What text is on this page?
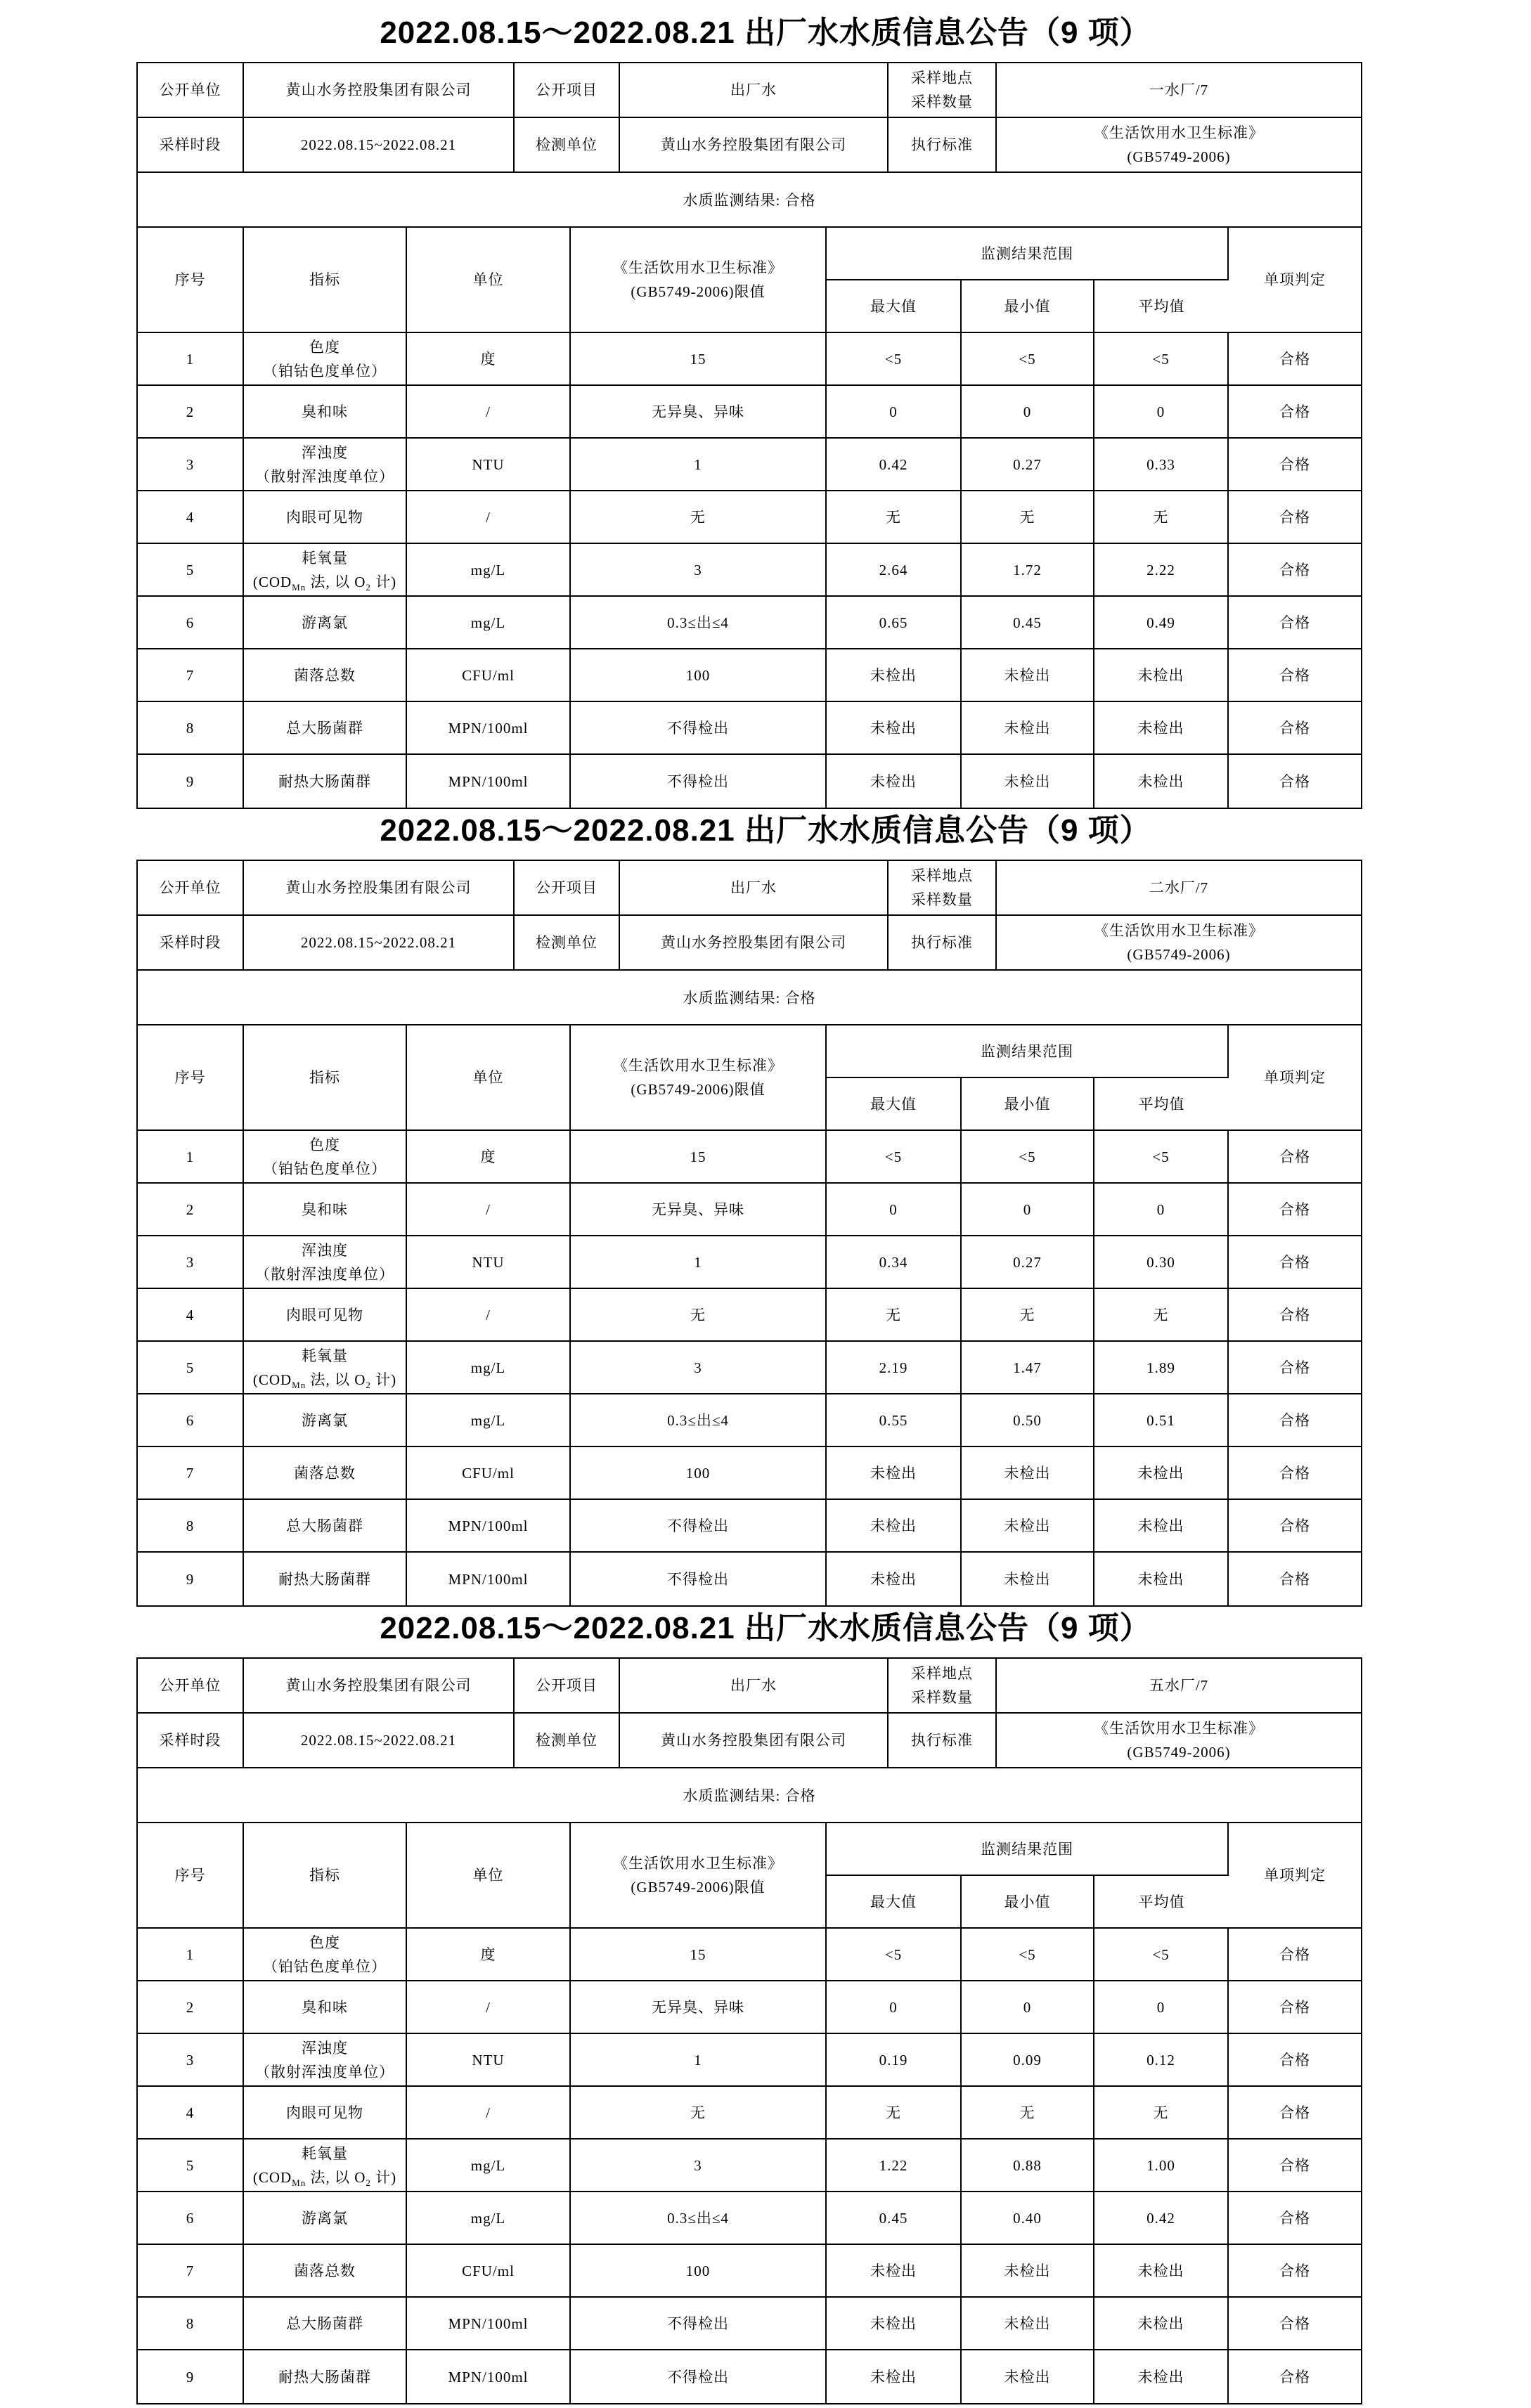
2022.08.15～2022.08.21 出厂水水质信息公告（9 项）
公开单位	黄山水务控股集团有限公司	公开项目	出厂水	采样地点
采样数量	一水厂/7
采样时段	2022.08.15~2022.08.21	检测单位	黄山水务控股集团有限公司	执行标准	《生活饮用水卫生标准》
(GB5749-2006)
水质监测结果: 合格
序号	指标	单位	《生活饮用水卫生标准》
(GB5749-2006)限值	监测结果范围			单项判定
				最大值	最小值	平均值	
1	色度
（铂钴色度单位）	度	15	<5	<5	<5	合格
2	臭和味	/	无异臭、异味	0	0	0	合格
3	浑浊度
（散射浑浊度单位）	NTU	1	0.42	0.27	0.33	合格
4	肉眼可见物	/	无	无	无	无	合格
5	耗氧量
($COD_{Mn}$ 法, 以 $O_2$ 计)	mg/L	3	2.64	1.72	2.22	合格
6	游离氯	mg/L	0.3≤出≤4	0.65	0.45	0.49	合格
7	菌落总数	CFU/ml	100	未检出	未检出	未检出	合格
8	总大肠菌群	MPN/100ml	不得检出	未检出	未检出	未检出	合格
9	耐热大肠菌群	MPN/100ml	不得检出	未检出	未检出	未检出	合格
2022.08.15～2022.08.21 出厂水水质信息公告（9 项）
公开单位	黄山水务控股集团有限公司	公开项目	出厂水	采样地点
采样数量	二水厂/7
采样时段	2022.08.15~2022.08.21	检测单位	黄山水务控股集团有限公司	执行标准	《生活饮用水卫生标准》
(GB5749-2006)
水质监测结果: 合格
序号	指标	单位	《生活饮用水卫生标准》
(GB5749-2006)限值	监测结果范围			单项判定
				最大值	最小值	平均值	
1	色度
（铂钴色度单位）	度	15	<5	<5	<5	合格
2	臭和味	/	无异臭、异味	0	0	0	合格
3	浑浊度
（散射浑浊度单位）	NTU	1	0.34	0.27	0.30	合格
4	肉眼可见物	/	无	无	无	无	合格
5	耗氧量
($COD_{Mn}$ 法, 以 $O_2$ 计)	mg/L	3	2.19	1.47	1.89	合格
6	游离氯	mg/L	0.3≤出≤4	0.55	0.50	0.51	合格
7	菌落总数	CFU/ml	100	未检出	未检出	未检出	合格
8	总大肠菌群	MPN/100ml	不得检出	未检出	未检出	未检出	合格
9	耐热大肠菌群	MPN/100ml	不得检出	未检出	未检出	未检出	合格
2022.08.15～2022.08.21 出厂水水质信息公告（9 项）
公开单位	黄山水务控股集团有限公司	公开项目	出厂水	采样地点
采样数量	五水厂/7
采样时段	2022.08.15~2022.08.21	检测单位	黄山水务控股集团有限公司	执行标准	《生活饮用水卫生标准》
(GB5749-2006)
水质监测结果: 合格
序号	指标	单位	《生活饮用水卫生标准》
(GB5749-2006)限值	监测结果范围			单项判定
				最大值	最小值	平均值	
1	色度
（铂钴色度单位）	度	15	<5	<5	<5	合格
2	臭和味	/	无异臭、异味	0	0	0	合格
3	浑浊度
（散射浑浊度单位）	NTU	1	0.19	0.09	0.12	合格
4	肉眼可见物	/	无	无	无	无	合格
5	耗氧量
($COD_{Mn}$ 法, 以 $O_2$ 计)	mg/L	3	1.22	0.88	1.00	合格
6	游离氯	mg/L	0.3≤出≤4	0.45	0.40	0.42	合格
7	菌落总数	CFU/ml	100	未检出	未检出	未检出	合格
8	总大肠菌群	MPN/100ml	不得检出	未检出	未检出	未检出	合格
9	耐热大肠菌群	MPN/100ml	不得检出	未检出	未检出	未检出	合格
